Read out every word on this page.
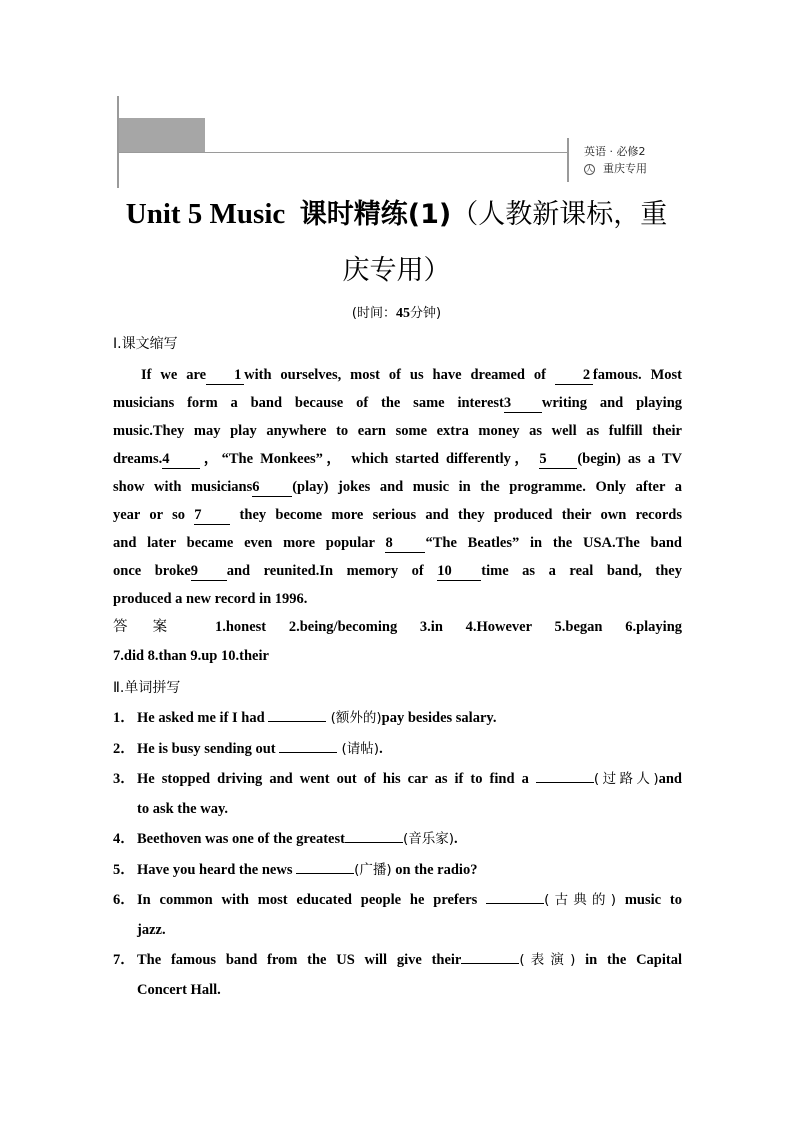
英语 · 必修2
人 重庆专用
Unit 5 Music 课时精练(1)（人教新课标，重
庆专用）
(时间：45分钟)
Ⅰ.课文缩写
If we are 1 with ourselves, most of us have dreamed of	2 famous. Most
musicians form a band because of the same interest3 writing and playing
music.They may play anywhere to earn some extra money as well as fulfill their
dreams.4 ，“The Monkees”， which started differently， 5 (begin) as a TV
show with musicians6 (play) jokes and music in the programme. Only after a
year or so 7	they become more serious and they produced their own records
and later became even more popular 8 “The Beatles” in the USA.The band
once broke9 and reunited.In memory of 10 time as a real band, they
produced a new record in 1996.
答案 1.honest 2.being/becoming 3.in 4.However 5.began 6.playing
7.did 8.than 9.up 10.their
Ⅱ.单词拼写
1． He asked me if I had	(额外的)pay besides salary.
2． He is busy sending out	(请帖).
3． He stopped driving and went out of his car as if to find a	(过路人)and
to ask the way.
4． Beethoven was one of the greatest	(音乐家).
5． Have you heard the news	(广播) on the radio?
6． In common with most educated people he prefers	(古典的) music to
jazz.
7． The famous band from the US will give their	(表演) in the Capital
Concert Hall.
